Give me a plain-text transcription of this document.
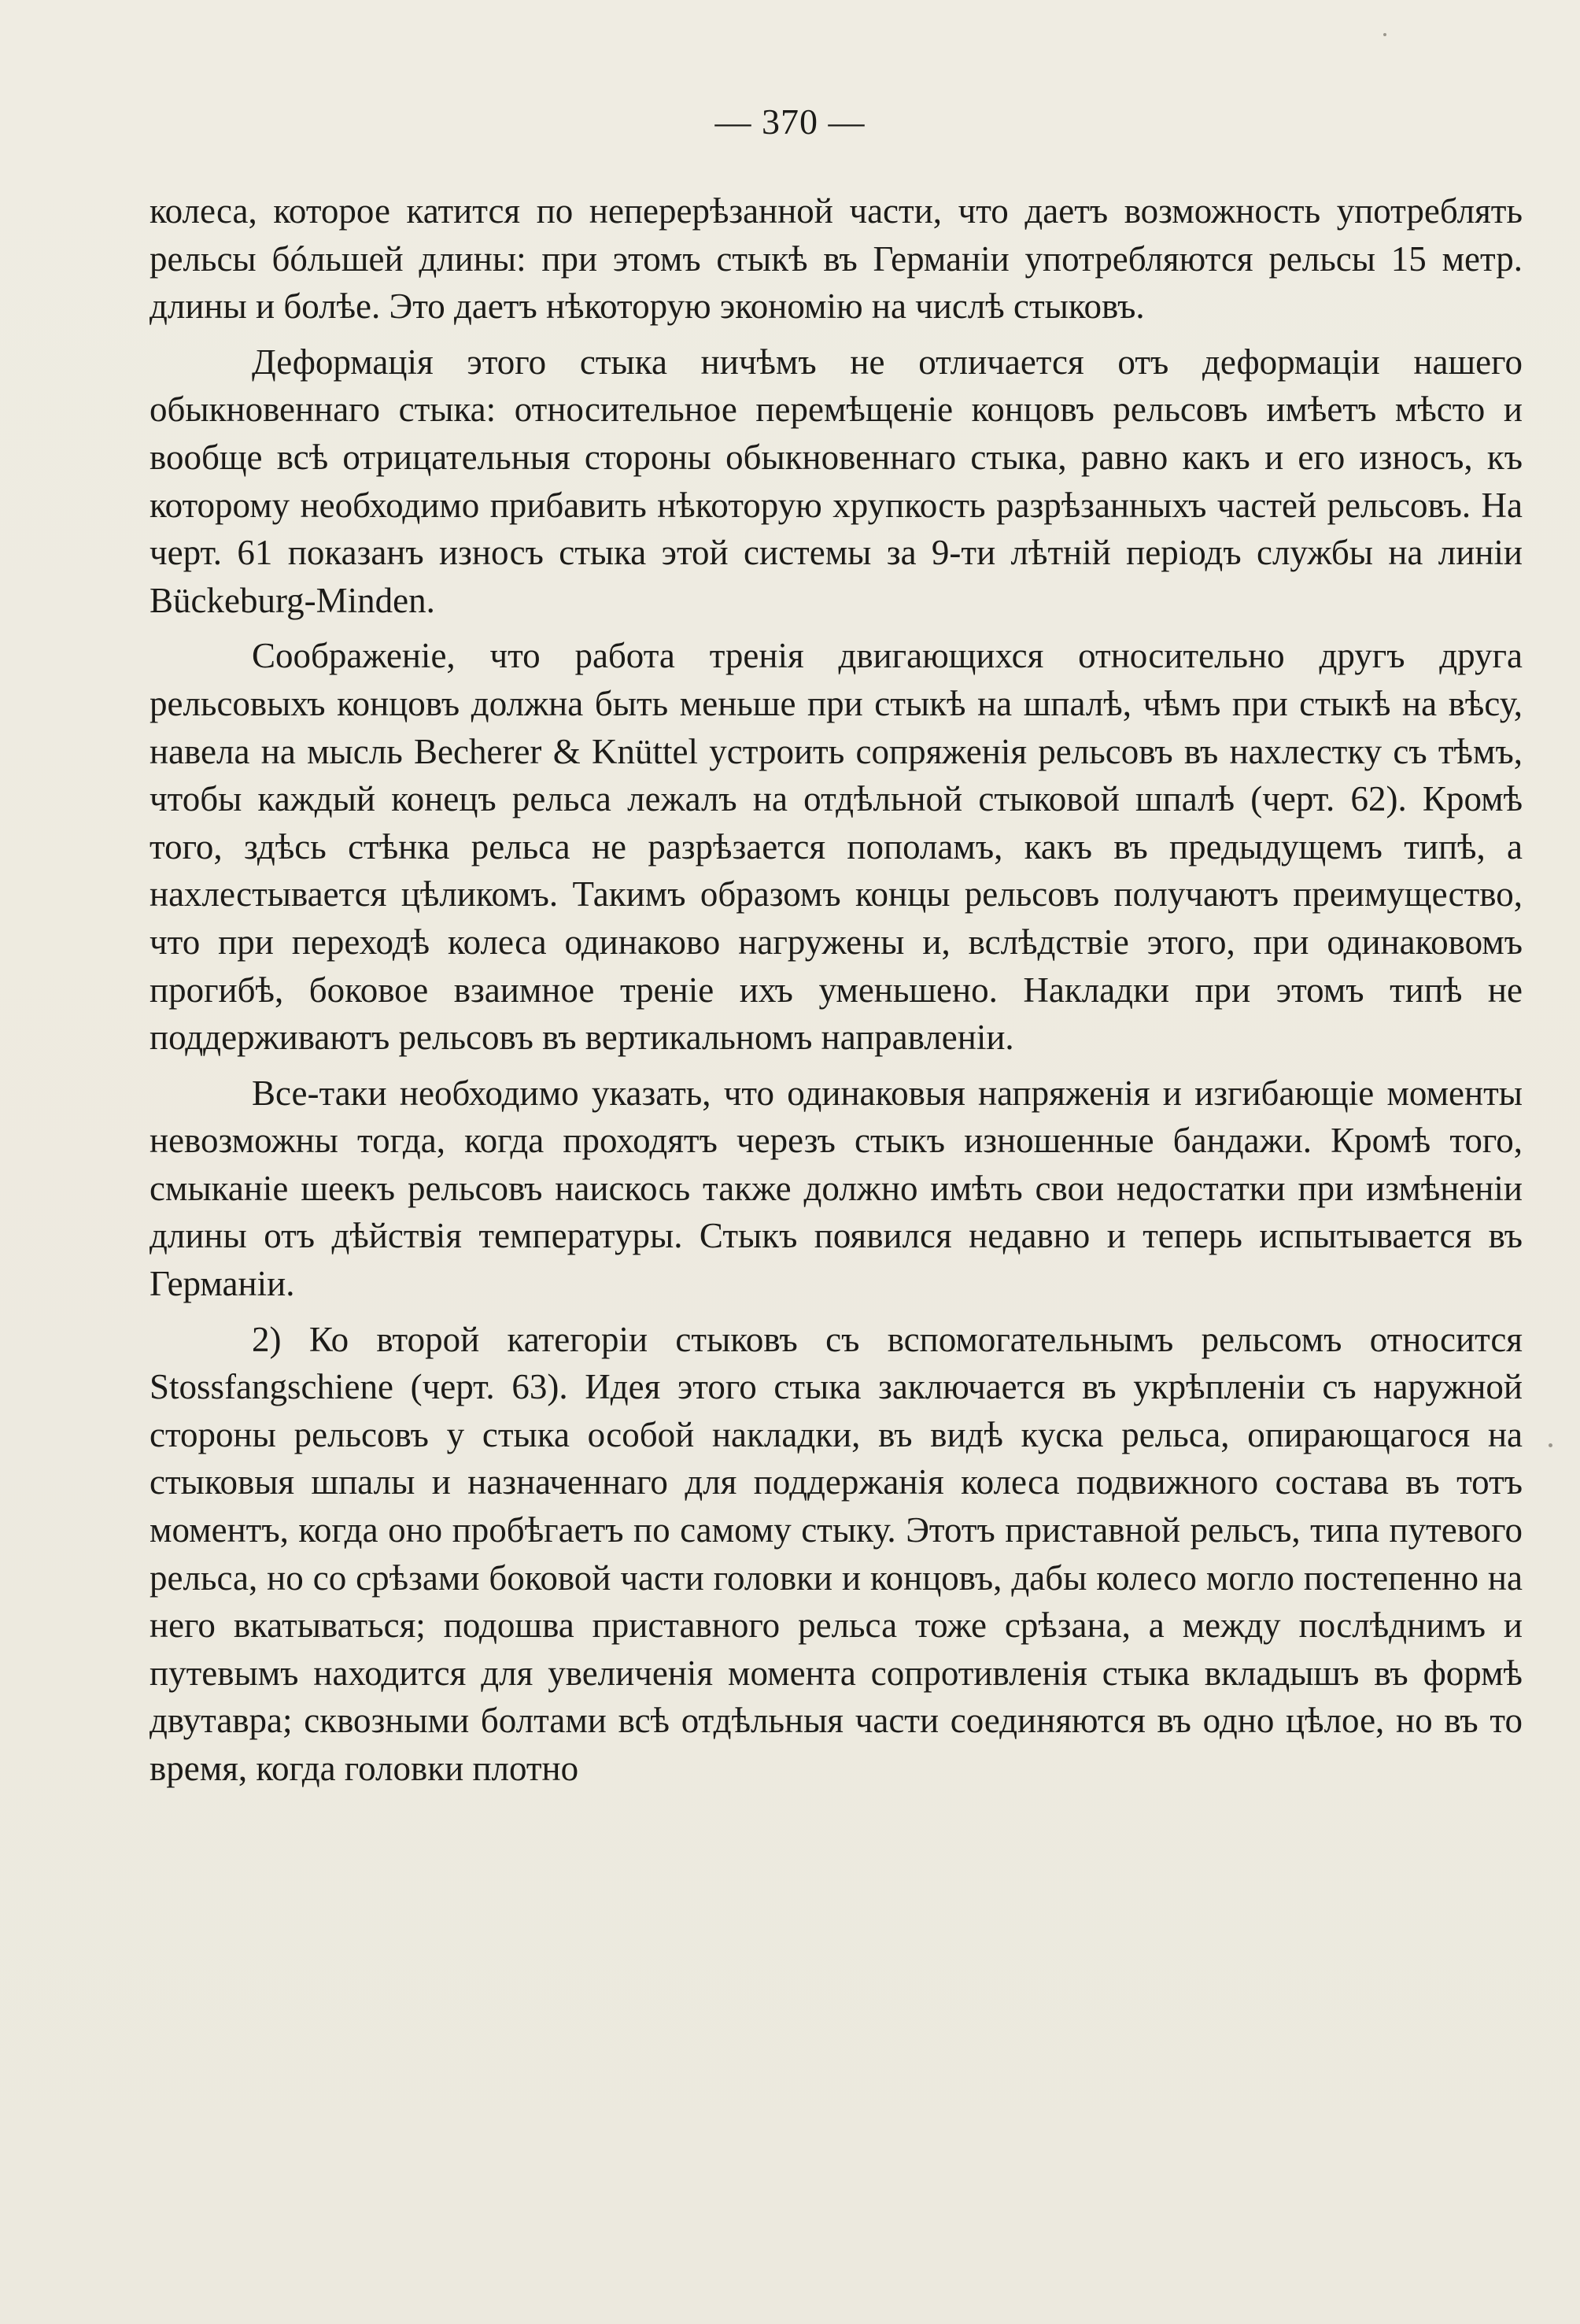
— 370 —

колеса, которое катится по неперерѣзанной части, что даетъ возможность употреблять рельсы бóльшей длины: при этомъ стыкѣ въ Германіи употребляются рельсы 15 метр. длины и болѣе. Это даетъ нѣкоторую экономію на числѣ стыковъ.

Деформація этого стыка ничѣмъ не отличается отъ деформаціи нашего обыкновеннаго стыка: относительное перемѣщеніе концовъ рельсовъ имѣетъ мѣсто и вообще всѣ отрицательныя стороны обыкновеннаго стыка, равно какъ и его износъ, къ которому необходимо прибавить нѣкоторую хрупкость разрѣзанныхъ частей рельсовъ. На черт. 61 показанъ износъ стыка этой системы за 9-ти лѣтній періодъ службы на линіи Bückeburg-Minden.

Соображеніе, что работа тренія двигающихся относительно другъ друга рельсовыхъ концовъ должна быть меньше при стыкѣ на шпалѣ, чѣмъ при стыкѣ на вѣсу, навела на мысль Becherer & Knüttel устроить сопряженія рельсовъ въ нахлестку съ тѣмъ, чтобы каждый конецъ рельса лежалъ на отдѣльной стыковой шпалѣ (черт. 62). Кромѣ того, здѣсь стѣнка рельса не разрѣзается пополамъ, какъ въ предыдущемъ типѣ, а нахлестывается цѣликомъ. Такимъ образомъ концы рельсовъ получаютъ преимущество, что при переходѣ колеса одинаково нагружены и, вслѣдствіе этого, при одинаковомъ прогибѣ, боковое взаимное треніе ихъ уменьшено. Накладки при этомъ типѣ не поддерживаютъ рельсовъ въ вертикальномъ направленіи.

Все-таки необходимо указать, что одинаковыя напряженія и изгибающіе моменты невозможны тогда, когда проходятъ черезъ стыкъ изношенные бандажи. Кромѣ того, смыканіе шеекъ рельсовъ наискось также должно имѣть свои недостатки при измѣненіи длины отъ дѣйствія температуры. Стыкъ появился недавно и теперь испытывается въ Германіи.

2) Ко второй категоріи стыковъ съ вспомогательнымъ рельсомъ относится Stossfangschiene (черт. 63). Идея этого стыка заключается въ укрѣпленіи съ наружной стороны рельсовъ у стыка особой накладки, въ видѣ куска рельса, опирающагося на стыковыя шпалы и назначеннаго для поддержанія колеса подвижного состава въ тотъ моментъ, когда оно пробѣгаетъ по самому стыку. Этотъ приставной рельсъ, типа путевого рельса, но со срѣзами боковой части головки и концовъ, дабы колесо могло постепенно на него вкатываться; подошва приставного рельса тоже срѣзана, а между послѣднимъ и путевымъ находится для увеличенія момента сопротивленія стыка вкладышъ въ формѣ двутавра; сквозными болтами всѣ отдѣльныя части соединяются въ одно цѣлое, но въ то время, когда головки плотно
